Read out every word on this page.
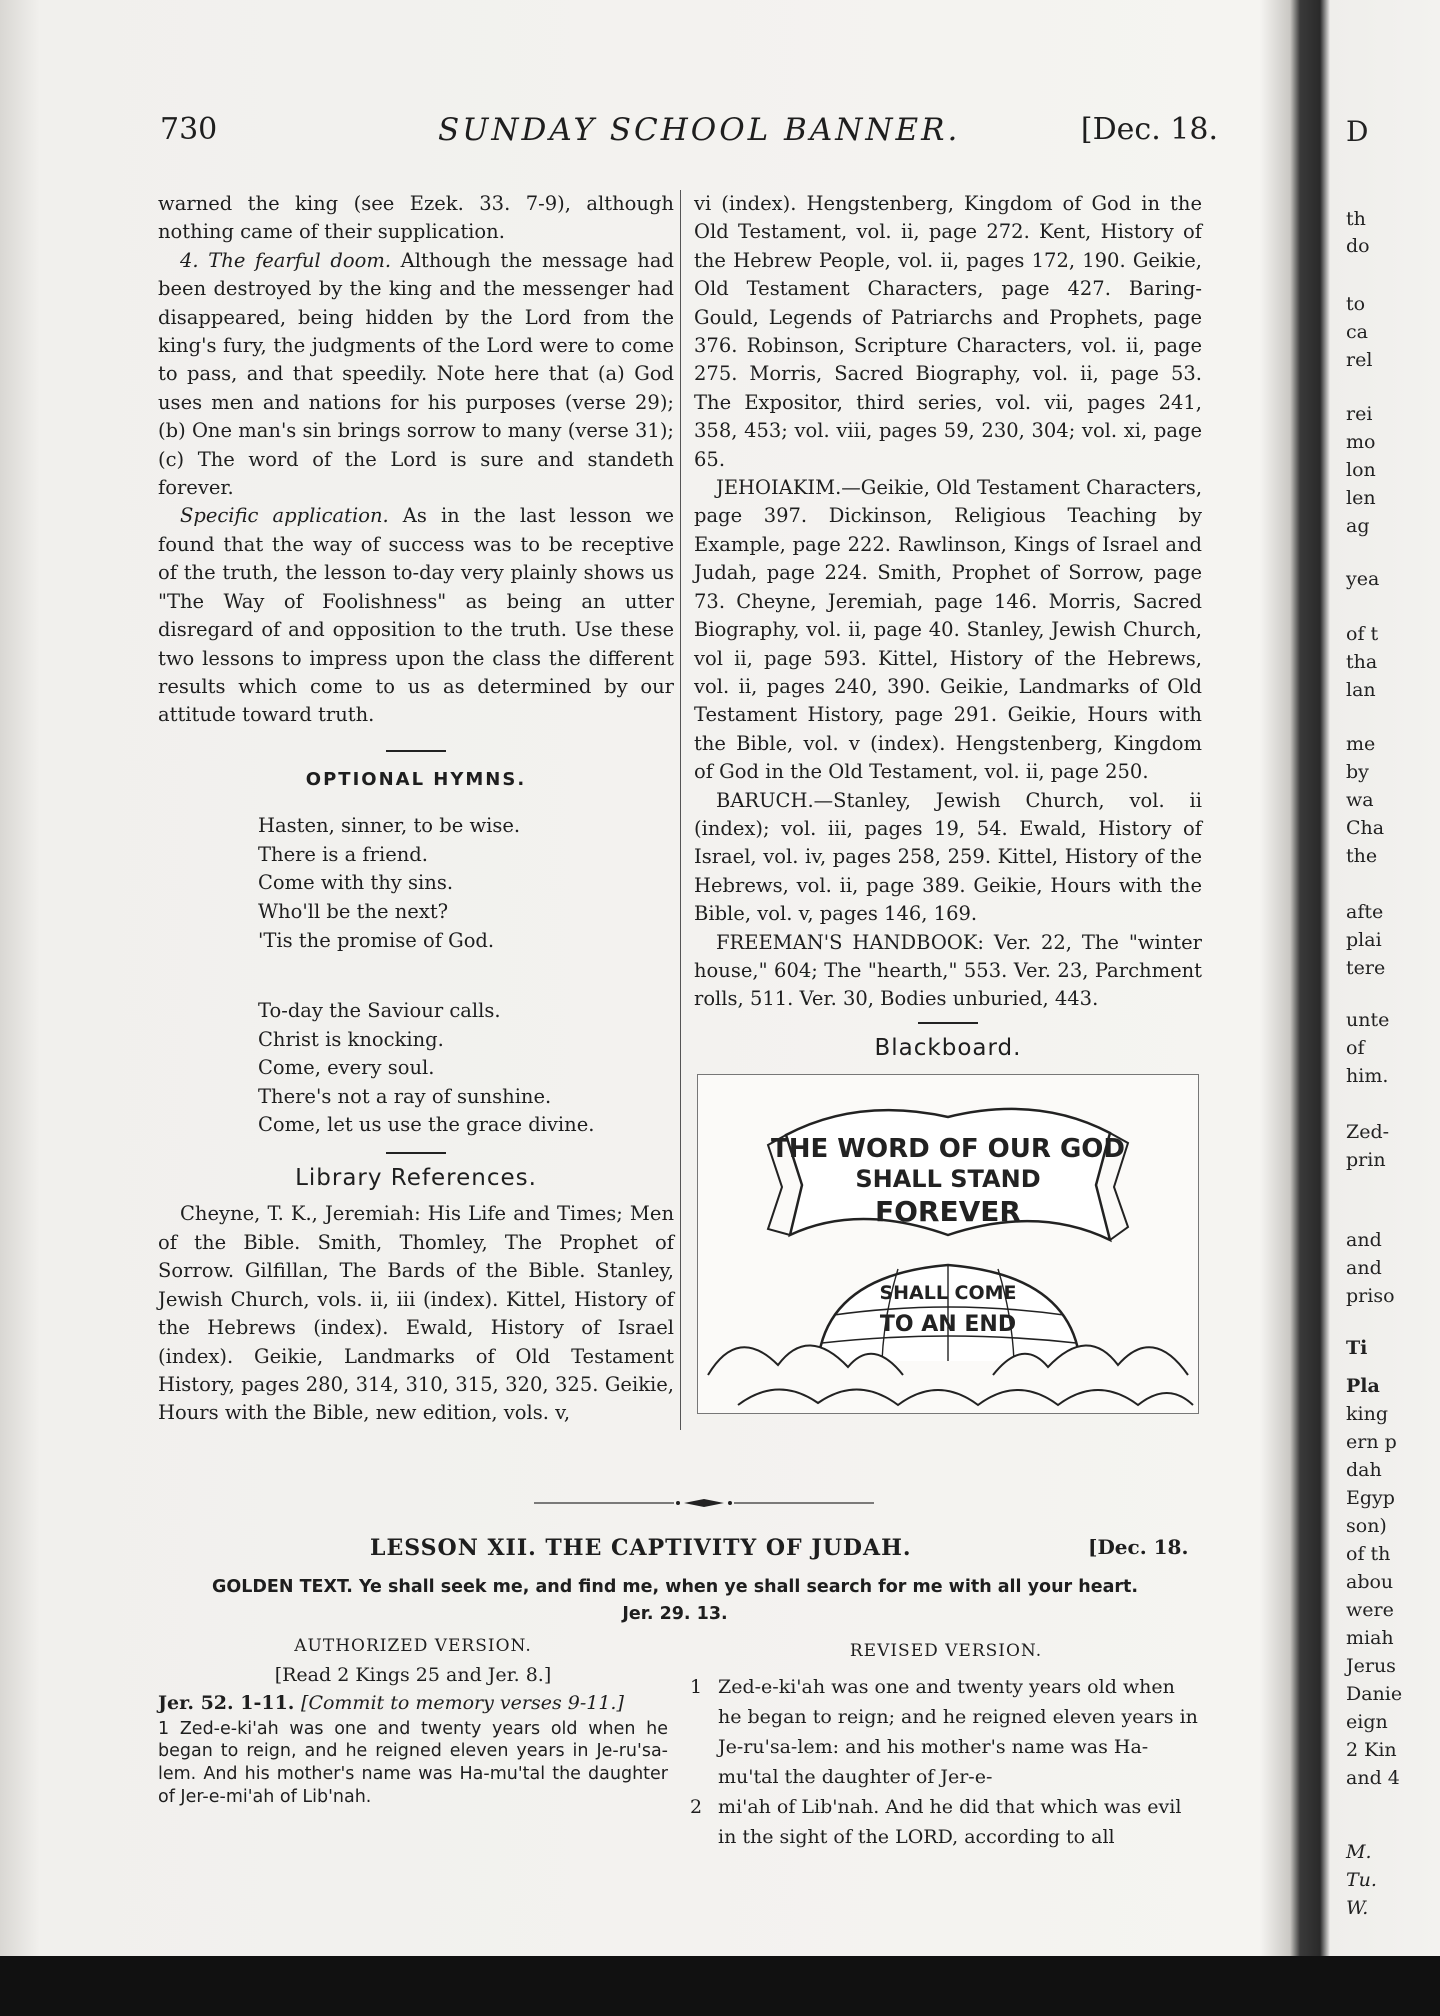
730	SUNDAY SCHOOL BANNER.	[Dec. 18.

warned the king (see Ezek. 33. 7-9), although nothing came of their supplication.

4. The fearful doom. Although the message had been destroyed by the king and the messenger had disappeared, being hidden by the Lord from the king's fury, the judgments of the Lord were to come to pass, and that speedily. Note here that (a) God uses men and nations for his purposes (verse 29); (b) One man's sin brings sorrow to many (verse 31); (c) The word of the Lord is sure and standeth forever.

Specific application. As in the last lesson we found that the way of success was to be receptive of the truth, the lesson to-day very plainly shows us "The Way of Foolishness" as being an utter disregard of and opposition to the truth. Use these two lessons to impress upon the class the different results which come to us as determined by our attitude toward truth.

OPTIONAL HYMNS.
Hasten, sinner, to be wise.
There is a friend.
Come with thy sins.
Who'll be the next?
'Tis the promise of God.
To-day the Saviour calls.
Christ is knocking.
Come, every soul.
There's not a ray of sunshine.
Come, let us use the grace divine.
Library References.

Cheyne, T. K., Jeremiah: His Life and Times; Men of the Bible. Smith, Thomley, The Prophet of Sorrow. Gilfillan, The Bards of the Bible. Stanley, Jewish Church, vols. ii, iii (index). Kittel, History of the Hebrews (index). Ewald, History of Israel (index). Geikie, Landmarks of Old Testament History, pages 280, 314, 310, 315, 320, 325. Geikie, Hours with the Bible, new edition, vols. v,

vi (index). Hengstenberg, Kingdom of God in the Old Testament, vol. ii, page 272. Kent, History of the Hebrew People, vol. ii, pages 172, 190. Geikie, Old Testament Characters, page 427. Baring-Gould, Legends of Patriarchs and Prophets, page 376. Robinson, Scripture Characters, vol. ii, page 275. Morris, Sacred Biography, vol. ii, page 53. The Expositor, third series, vol. vii, pages 241, 358, 453; vol. viii, pages 59, 230, 304; vol. xi, page 65.

JEHOIAKIM.—Geikie, Old Testament Characters, page 397. Dickinson, Religious Teaching by Example, page 222. Rawlinson, Kings of Israel and Judah, page 224. Smith, Prophet of Sorrow, page 73. Cheyne, Jeremiah, page 146. Morris, Sacred Biography, vol. ii, page 40. Stanley, Jewish Church, vol ii, page 593. Kittel, History of the Hebrews, vol. ii, pages 240, 390. Geikie, Landmarks of Old Testament History, page 291. Geikie, Hours with the Bible, vol. v (index). Hengstenberg, Kingdom of God in the Old Testament, vol. ii, page 250.

BARUCH.—Stanley, Jewish Church, vol. ii (index); vol. iii, pages 19, 54. Ewald, History of Israel, vol. iv, pages 258, 259. Kittel, History of the Hebrews, vol. ii, page 389. Geikie, Hours with the Bible, vol. v, pages 146, 169.

FREEMAN'S HANDBOOK: Ver. 22, The "winter house," 604; The "hearth," 553. Ver. 23, Parchment rolls, 511. Ver. 30, Bodies unburied, 443.

Blackboard.
THE WORD OF OUR GOD
SHALL STAND
FOREVER
SHALL COME
TO AN END
LESSON XII. THE CAPTIVITY OF JUDAH.	[Dec. 18.
GOLDEN TEXT. Ye shall seek me, and find me, when ye shall search for me with all your heart. Jer. 29. 13.
AUTHORIZED VERSION.
[Read 2 Kings 25 and Jer. 8.]
Jer. 52. 1-11. [Commit to memory verses 9-11.]
1 Zed-e-ki'ah was one and twenty years old when he began to reign, and he reigned eleven years in Je-ru'sa-lem. And his mother's name was Ha-mu'tal the daughter of Jer-e-mi'ah of Lib'nah.
REVISED VERSION.
1 Zed-e-ki'ah was one and twenty years old when he began to reign; and he reigned eleven years in Je-ru'sa-lem: and his mother's name was Ha-mu'tal the daughter of Jer-e-
2 mi'ah of Lib'nah. And he did that which was evil in the sight of the LORD, according to all
D
th
do
to
ca
rel
rei
mo
lon
len
ag
yea
of t
tha
lan
me
by
wa
Cha
the
afte
plai
tere
unte
of
him.
Zed-
prin
and
and
priso
Ti
Pla
king
ern p
dah
Egyp
son)
of th
abou
were
miah
Jerus
Danie
eign
2 Kin
and 4
M.
Tu.
W.
